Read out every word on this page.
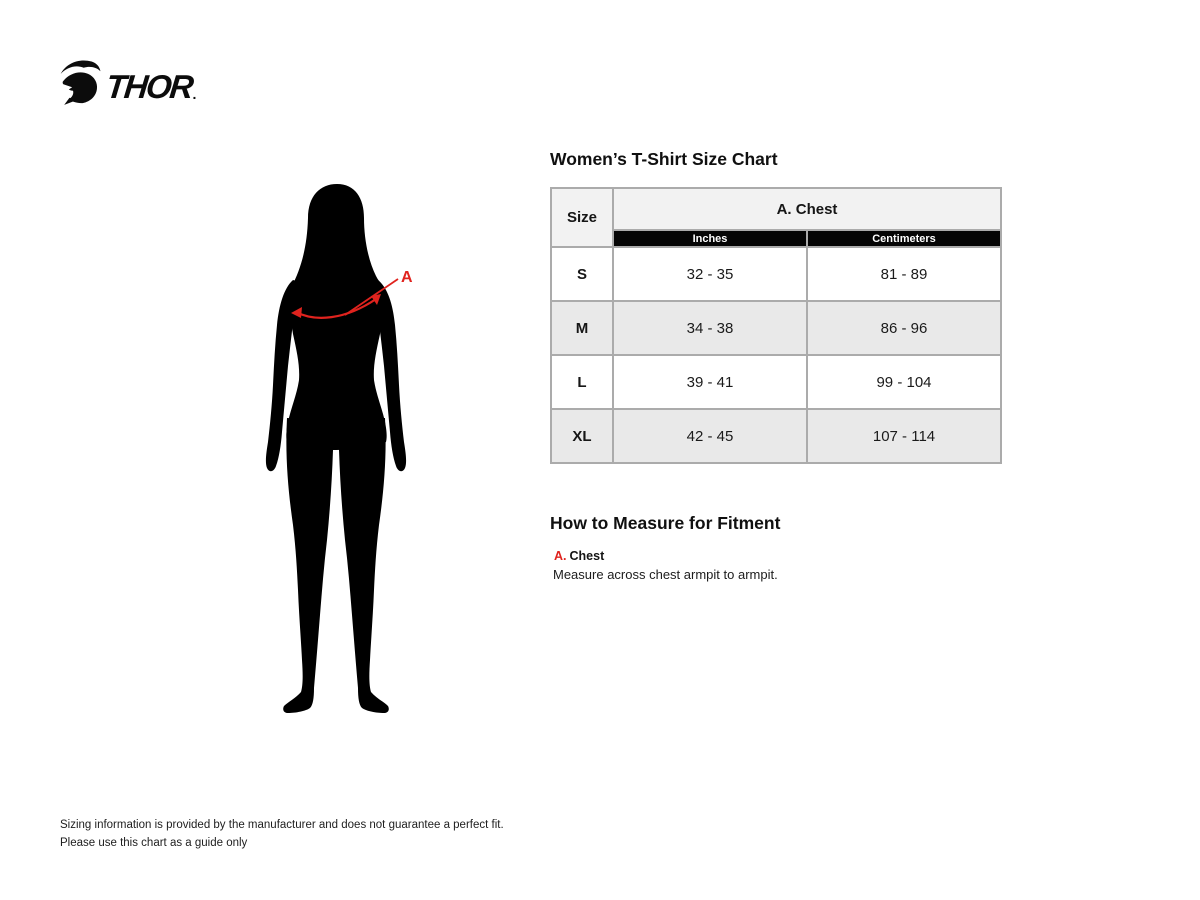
THOR
.
A
Women’s T-Shirt Size Chart
Size	A. Chest	
	Inches	Centimeters
S	32 - 35	81 - 89
M	34 - 38	86 - 96
L	39 - 41	99 - 104
XL	42 - 45	107 - 114
How to Measure for Fitment
A. Chest
Measure across chest armpit to armpit.
Sizing information is provided by the manufacturer and does not guarantee a perfect fit.
Please use this chart as a guide only
